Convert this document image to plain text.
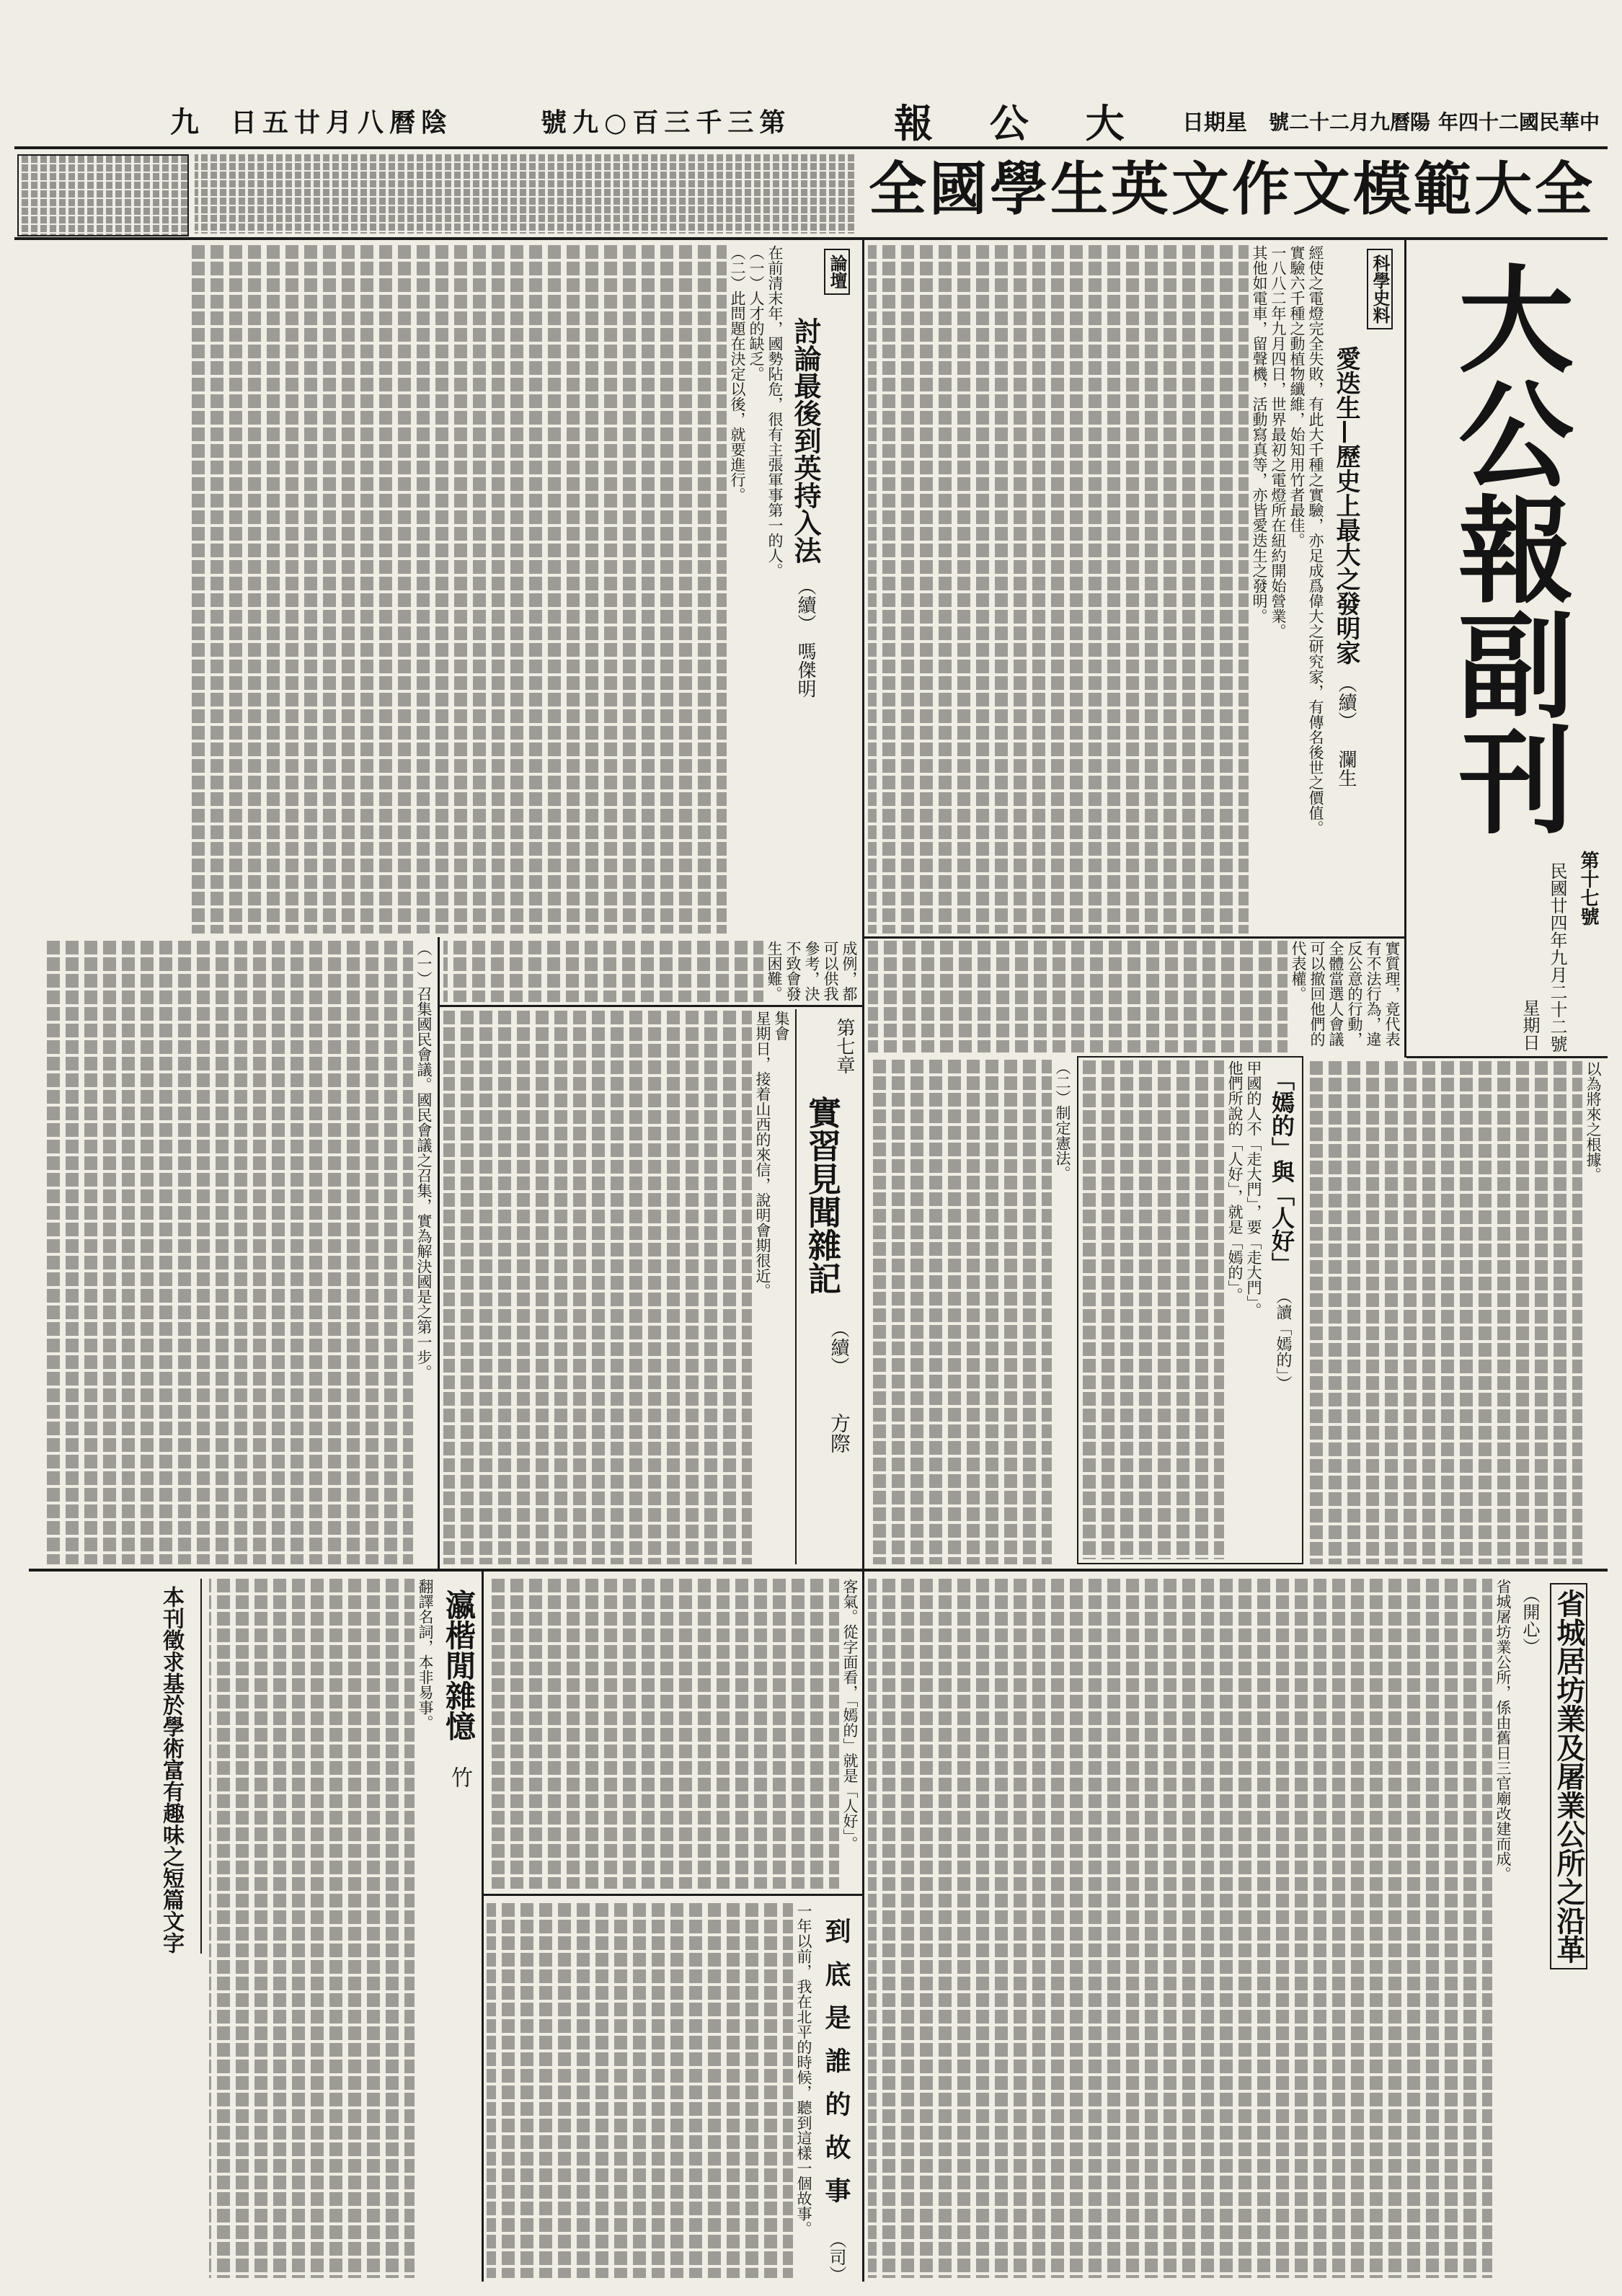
九 日五廿月八曆陰	號九○百三千三第	報 公 大 日期星 號二十二月九曆陽 年四十二國民華中
全國學生英文作文模範大全
大公報副刊
第十七號
民國廿四年九月二十二號
星期日
科學史料
愛迭生—歷史上最大之發明家
（續）
瀾生

經使之電燈完全失敗，有此大千種之實驗，亦足成爲偉大之研究家，有傳名後世之價值。

實驗六千種之動植物纖維，始知用竹者最佳。

一八八二年九月四日，世界最初之電燈所在紐約開始營業。

其他如電車，留聲機，活動寫真等，亦皆愛迭生之發明。

論壇
討論最後到英持入法
（續）
嗎傑明

在前清末年，國勢阽危，很有主張軍事第一的人。

（一）人才的缺乏。

（二）此問題在決定以後，就要進行。

成例，都可以供我參考，決不致會發生困難。

（一）召集國民會議。國民會議之召集，實為解決國是之第一步。	第七章
實習見聞雜記
（續）
方際

集會

星期日，接着山西的來信，說明會期很近。

實質理，竟代表有不法行為，違反公意的行動，全體當選人會議可以撤回他們的代表權。

（二）制定憲法。	以為將來之根據。

「嫣的」與「人好」
（讀「嫣的」）

甲國的人不「走大門」，要「走大門」。

他們所說的「人好」，就是「嫣的」。

本刊徵求基於學術富有趣味之短篇文字	瀛楷閒雜憶
竹

翻譯名詞，本非易事。	客氣。從字面看，「嫣的」就是「人好」。

到底是誰的故事
（司）

一年以前，我在北平的時候，聽到這樣一個故事。

省城居坊業及屠業公所之沿革
（開心）

省城屠坊業公所，係由舊日三官廟改建而成。
